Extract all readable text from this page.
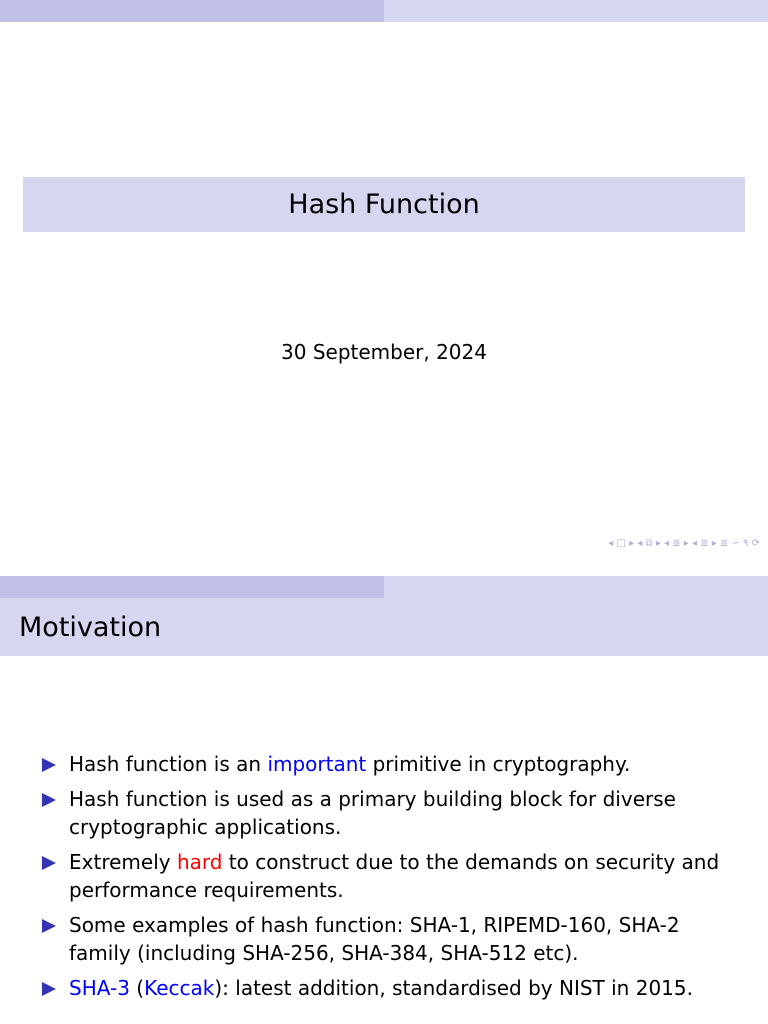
Hash Function
30 September, 2024
◂ □ ▸ ◂ ⧉ ▸ ◂ ≣ ▸ ◂ ≣ ▸ ≣ ∽ ۹ ⟳
Motivation
Hash function is an important primitive in cryptography.
Hash function is used as a primary building block for diverse cryptographic applications.
Extremely hard to construct due to the demands on security and performance requirements.
Some examples of hash function: SHA-1, RIPEMD-160, SHA-2 family (including SHA-256, SHA-384, SHA-512 etc).
SHA-3 (Keccak): latest addition, standardised by NIST in 2015.
